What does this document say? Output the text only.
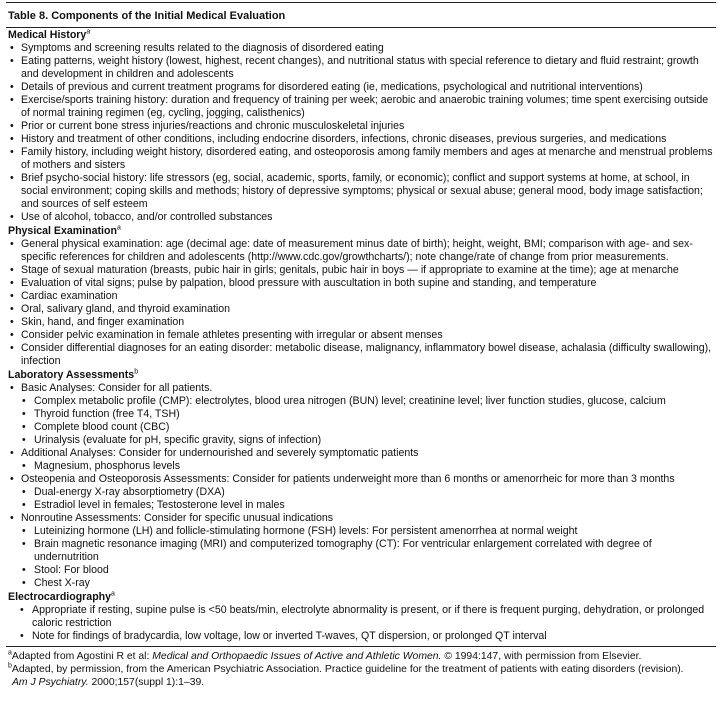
Table 8. Components of the Initial Medical Evaluation
Medical History$^a$
• Symptoms and screening results related to the diagnosis of disordered eating
• Eating patterns, weight history (lowest, highest, recent changes), and nutritional status with special reference to dietary and fluid restraint; growth and development in children and adolescents
• Details of previous and current treatment programs for disordered eating (ie, medications, psychological and nutritional interventions)
• Exercise/sports training history: duration and frequency of training per week; aerobic and anaerobic training volumes; time spent exercising outside of normal training regimen (eg, cycling, jogging, calisthenics)
• Prior or current bone stress injuries/reactions and chronic musculoskeletal injuries
• History and treatment of other conditions, including endocrine disorders, infections, chronic diseases, previous surgeries, and medications
• Family history, including weight history, disordered eating, and osteoporosis among family members and ages at menarche and menstrual problems of mothers and sisters
• Brief psycho-social history: life stressors (eg, social, academic, sports, family, or economic); conflict and support systems at home, at school, in social environment; coping skills and methods; history of depressive symptoms; physical or sexual abuse; general mood, body image satisfaction; and sources of self esteem
• Use of alcohol, tobacco, and/or controlled substances
Physical Examination$^a$
• General physical examination: age (decimal age: date of measurement minus date of birth); height, weight, BMI; comparison with age- and sex-specific references for children and adolescents (http://www.cdc.gov/growthcharts/); note change/rate of change from prior measurements.
• Stage of sexual maturation (breasts, pubic hair in girls; genitals, pubic hair in boys — if appropriate to examine at the time); age at menarche
• Evaluation of vital signs; pulse by palpation, blood pressure with auscultation in both supine and standing, and temperature
• Cardiac examination
• Oral, salivary gland, and thyroid examination
• Skin, hand, and finger examination
• Consider pelvic examination in female athletes presenting with irregular or absent menses
• Consider differential diagnoses for an eating disorder: metabolic disease, malignancy, inflammatory bowel disease, achalasia (difficulty swallowing), infection
Laboratory Assessments$^b$
• Basic Analyses: Consider for all patients.
• Complex metabolic profile (CMP): electrolytes, blood urea nitrogen (BUN) level; creatinine level; liver function studies, glucose, calcium
• Thyroid function (free T4, TSH)
• Complete blood count (CBC)
• Urinalysis (evaluate for pH, specific gravity, signs of infection)
• Additional Analyses: Consider for undernourished and severely symptomatic patients
• Magnesium, phosphorus levels
• Osteopenia and Osteoporosis Assessments: Consider for patients underweight more than 6 months or amenorrheic for more than 3 months
• Dual-energy X-ray absorptiometry (DXA)
• Estradiol level in females; Testosterone level in males
• Nonroutine Assessments: Consider for specific unusual indications
• Luteinizing hormone (LH) and follicle-stimulating hormone (FSH) levels: For persistent amenorrhea at normal weight
• Brain magnetic resonance imaging (MRI) and computerized tomography (CT): For ventricular enlargement correlated with degree of undernutrition
• Stool: For blood
• Chest X-ray
Electrocardiography$^a$
• Appropriate if resting, supine pulse is <50 beats/min, electrolyte abnormality is present, or if there is frequent purging, dehydration, or prolonged caloric restriction
• Note for findings of bradycardia, low voltage, low or inverted T-waves, QT dispersion, or prolonged QT interval
$^a$Adapted from Agostini R et al: Medical and Orthopaedic Issues of Active and Athletic Women. © 1994:147, with permission from Elsevier.
$^b$Adapted, by permission, from the American Psychiatric Association. Practice guideline for the treatment of patients with eating disorders (revision).
Am J Psychiatry. 2000;157(suppl 1):1–39.
